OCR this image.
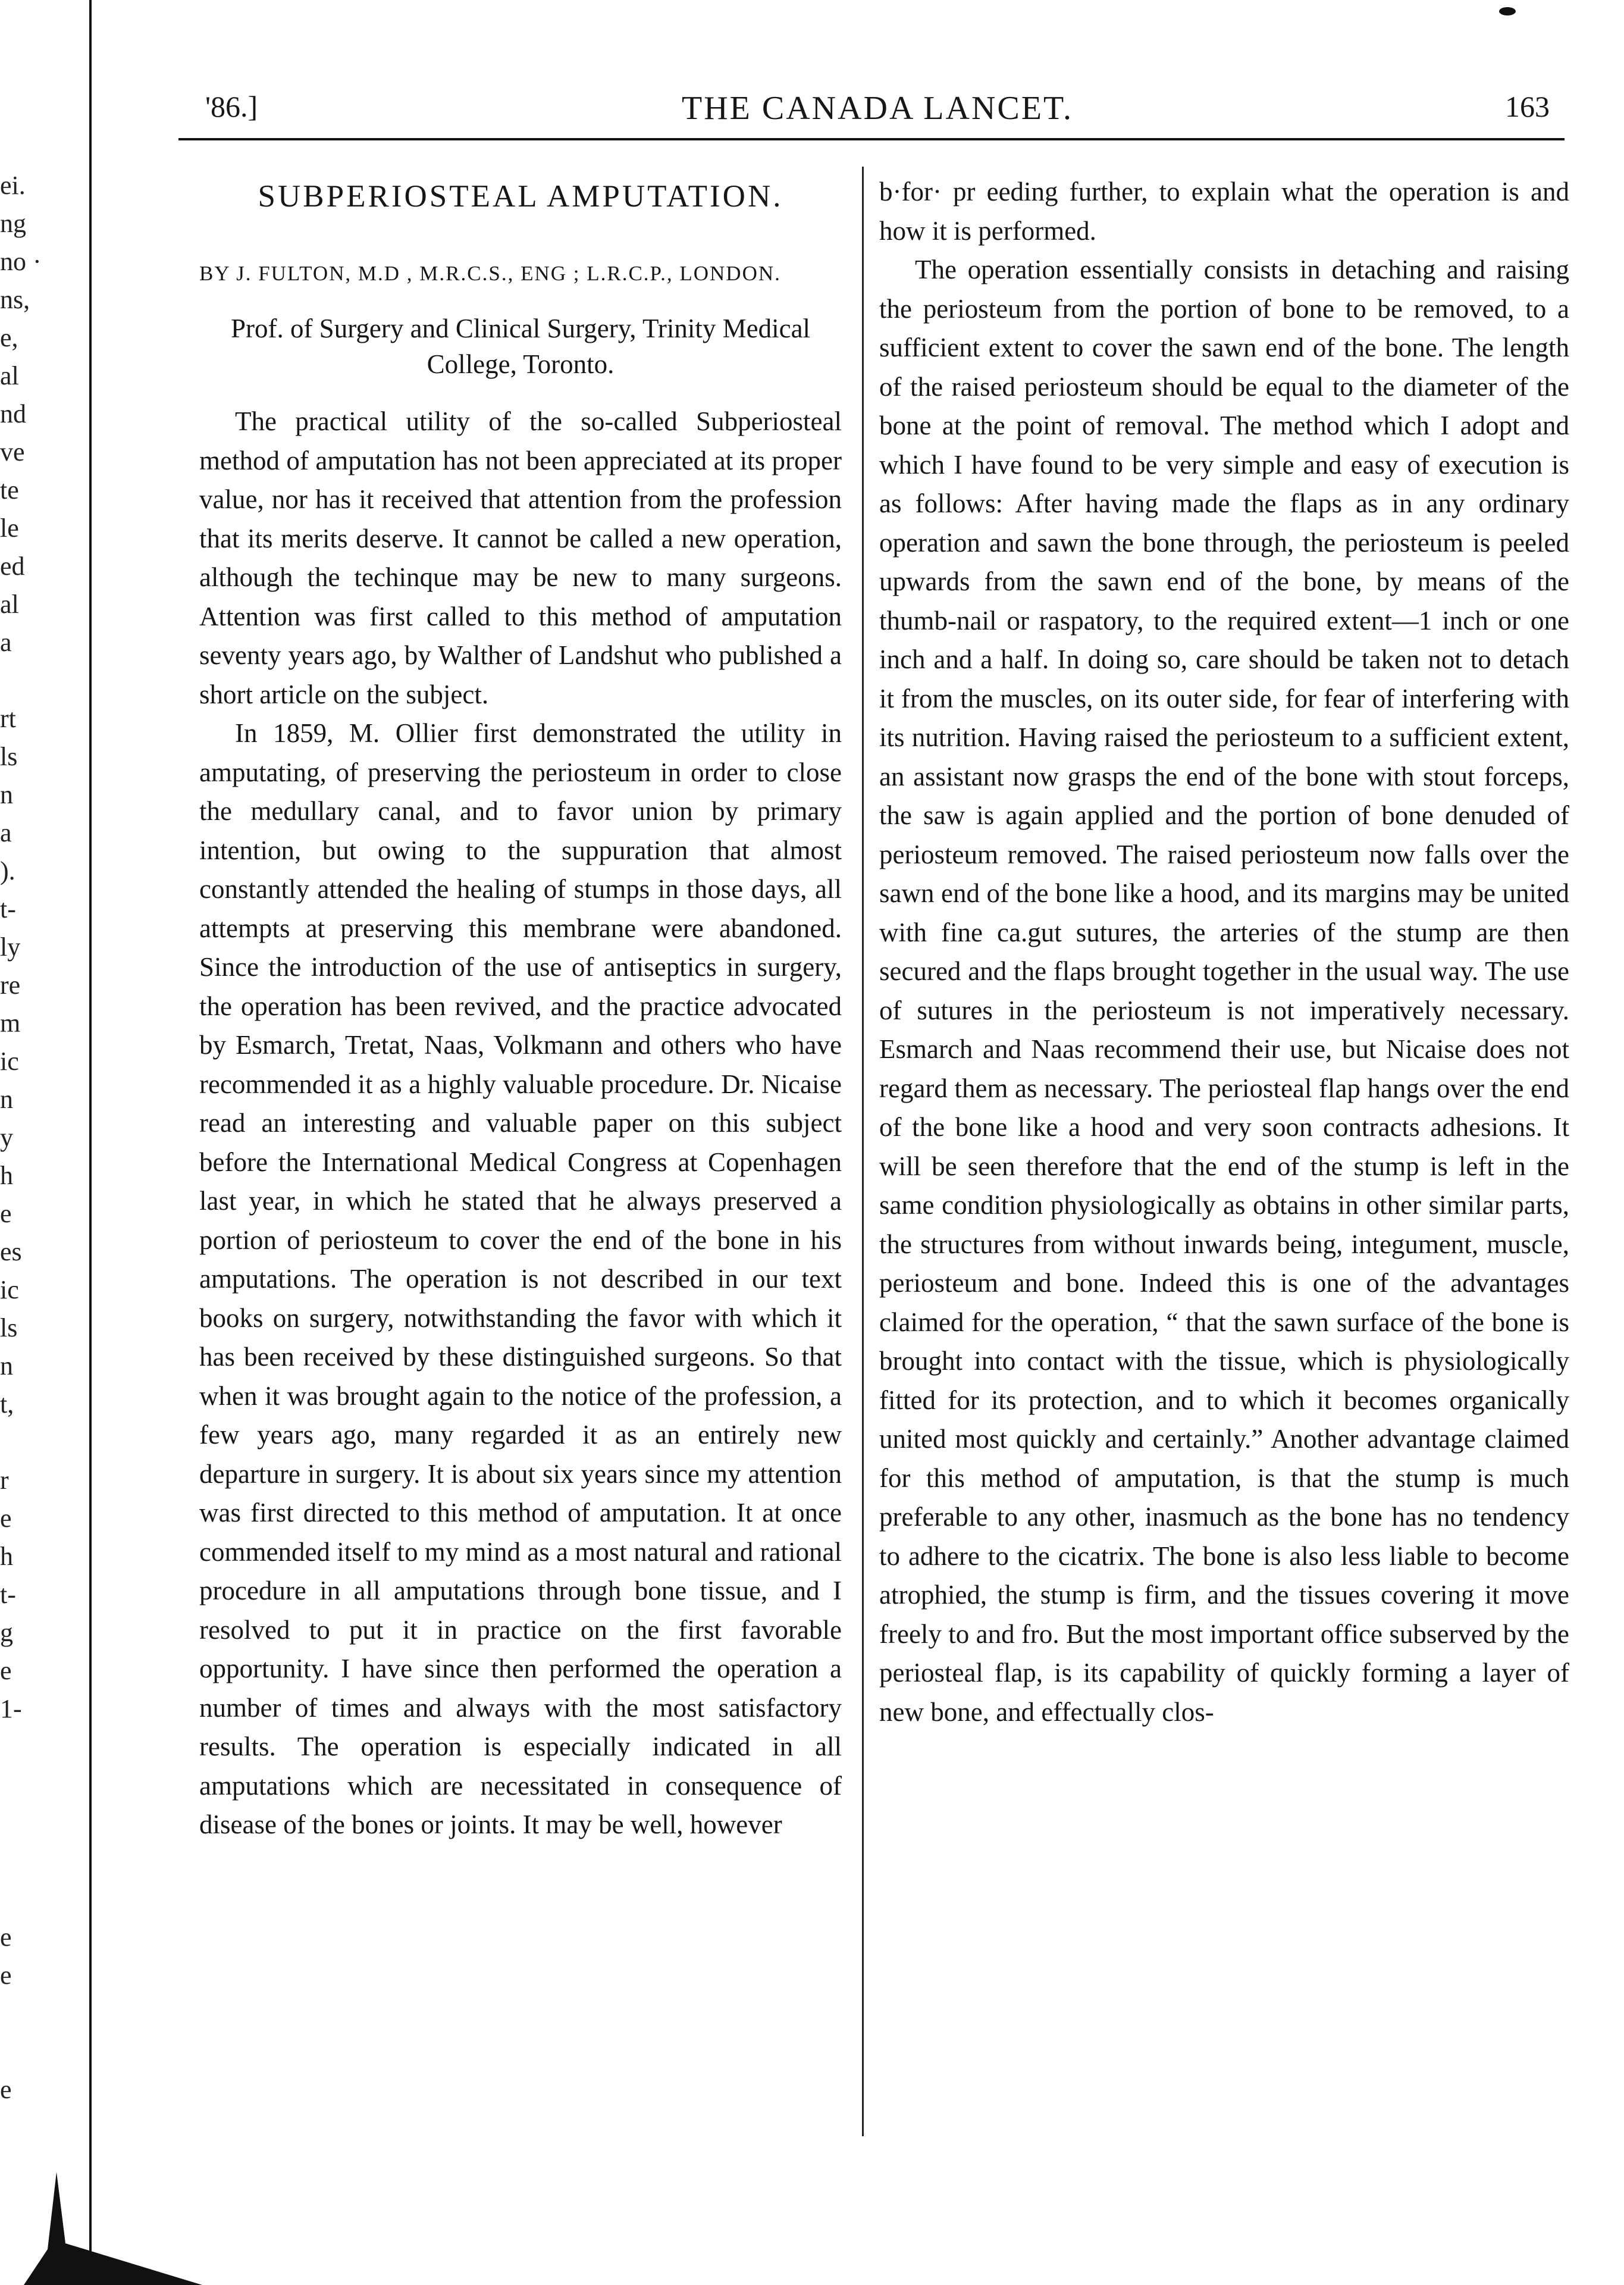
ei.
ng
no ·
ns,
e,
al
nd
ve
te
le
ed
al
a
rt
ls
n
a
).
t-
ly
re
m
ic
n
y
h
e
es
ic
ls
n
t,
r
e
h
t-
g
e
1-
e
e
e
'86.]	THE CANADA LANCET.	163
SUBPERIOSTEAL AMPUTATION.
BY J. FULTON, M.D , M.R.C.S., ENG ; L.R.C.P., LONDON.
Prof. of Surgery and Clinical Surgery, Trinity Medical College, Toronto.

The practical utility of the so-called Subperiosteal method of amputation has not been appreciated at its proper value, nor has it received that attention from the profession that its merits deserve. It cannot be called a new operation, although the techinque may be new to many surgeons. Attention was first called to this method of amputation seventy years ago, by Walther of Landshut who published a short article on the subject.

In 1859, M. Ollier first demonstrated the utility in amputating, of preserving the periosteum in order to close the medullary canal, and to favor union by primary intention, but owing to the suppuration that almost constantly attended the healing of stumps in those days, all attempts at preserving this membrane were abandoned. Since the introduction of the use of antiseptics in surgery, the operation has been revived, and the practice advocated by Esmarch, Tretat, Naas, Volkmann and others who have recommended it as a highly valuable procedure. Dr. Nicaise read an interesting and valuable paper on this subject before the International Medical Congress at Copenhagen last year, in which he stated that he always preserved a portion of periosteum to cover the end of the bone in his amputations. The operation is not described in our text books on surgery, notwithstanding the favor with which it has been received by these distinguished surgeons. So that when it was brought again to the notice of the profession, a few years ago, many regarded it as an entirely new departure in surgery. It is about six years since my attention was first directed to this method of amputation. It at once commended itself to my mind as a most natural and rational procedure in all amputations through bone tissue, and I resolved to put it in practice on the first favorable opportunity. I have since then performed the operation a number of times and always with the most satisfactory results. The operation is especially indicated in all amputations which are necessitated in consequence of disease of the bones or joints. It may be well, however

b·for· pr eeding further, to explain what the operation is and how it is performed.

The operation essentially consists in detaching and raising the periosteum from the portion of bone to be removed, to a sufficient extent to cover the sawn end of the bone. The length of the raised periosteum should be equal to the diameter of the bone at the point of removal. The method which I adopt and which I have found to be very simple and easy of execution is as follows: After having made the flaps as in any ordinary operation and sawn the bone through, the periosteum is peeled upwards from the sawn end of the bone, by means of the thumb-nail or raspatory, to the required extent—1 inch or one inch and a half. In doing so, care should be taken not to detach it from the muscles, on its outer side, for fear of interfering with its nutrition. Having raised the periosteum to a sufficient extent, an assistant now grasps the end of the bone with stout forceps, the saw is again applied and the portion of bone denuded of periosteum removed. The raised periosteum now falls over the sawn end of the bone like a hood, and its margins may be united with fine ca.gut sutures, the arteries of the stump are then secured and the flaps brought together in the usual way. The use of sutures in the periosteum is not imperatively necessary. Esmarch and Naas recommend their use, but Nicaise does not regard them as necessary. The periosteal flap hangs over the end of the bone like a hood and very soon contracts adhesions. It will be seen therefore that the end of the stump is left in the same condition physiologically as obtains in other similar parts, the structures from without inwards being, integument, muscle, periosteum and bone. Indeed this is one of the advantages claimed for the operation, “ that the sawn surface of the bone is brought into contact with the tissue, which is physiologically fitted for its protection, and to which it becomes organically united most quickly and certainly.” Another advantage claimed for this method of amputation, is that the stump is much preferable to any other, inasmuch as the bone has no tendency to adhere to the cicatrix. The bone is also less liable to become atrophied, the stump is firm, and the tissues covering it move freely to and fro. But the most important office subserved by the periosteal flap, is its capability of quickly forming a layer of new bone, and effectually clos-
